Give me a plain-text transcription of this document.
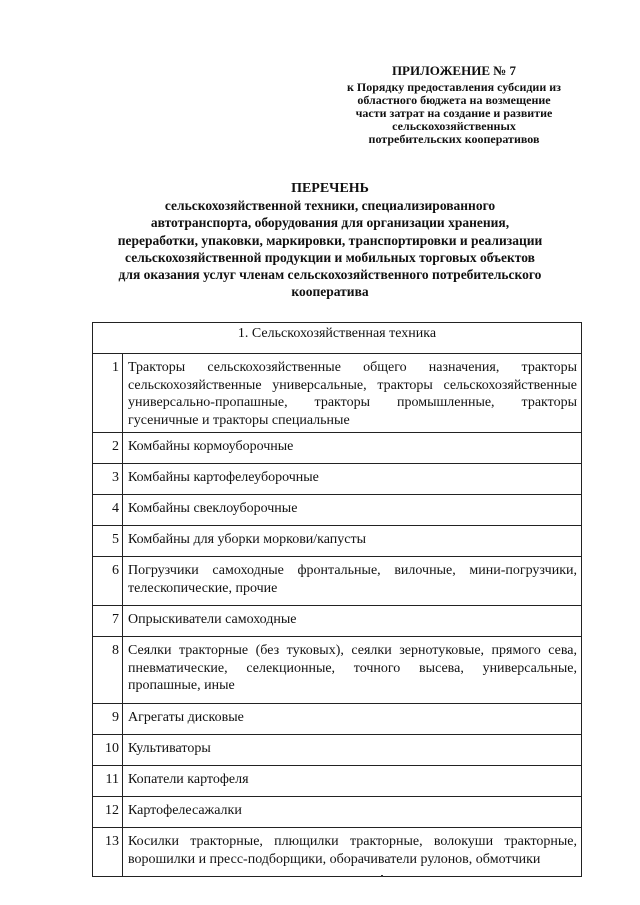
ПРИЛОЖЕНИЕ № 7
к Порядку предоставления субсидии из
областного бюджета на возмещение
части затрат на создание и развитие
сельскохозяйственных
потребительских кооперативов
ПЕРЕЧЕНЬ
сельскохозяйственной техники, специализированного
автотранспорта, оборудования для организации хранения,
переработки, упаковки, маркировки, транспортировки и реализации
сельскохозяйственной продукции и мобильных торговых объектов
для оказания услуг членам сельскохозяйственного потребительского
кооператива
1. Сельскохозяйственная техника	
1	Тракторы сельскохозяйственные общего назначения, тракторы сельскохозяйственные универсальные, тракторы сельскохозяйственные универсально-пропашные, тракторы промышленные, тракторы гусеничные и тракторы специальные
2	Комбайны кормоуборочные
3	Комбайны картофелеуборочные
4	Комбайны свеклоуборочные
5	Комбайны для уборки моркови/капусты
6	Погрузчики самоходные фронтальные, вилочные, мини-погрузчики, телескопические, прочие
7	Опрыскиватели самоходные
8	Сеялки тракторные (без туковых), сеялки зернотуковые, прямого сева, пневматические, селекционные, точного высева, универсальные, пропашные, иные
9	Агрегаты дисковые
10	Культиваторы
11	Копатели картофеля
12	Картофелесажалки
13	Косилки тракторные, плющилки тракторные, волокуши тракторные, ворошилки и пресс-подборщики, оборачиватели рулонов, обмотчики
